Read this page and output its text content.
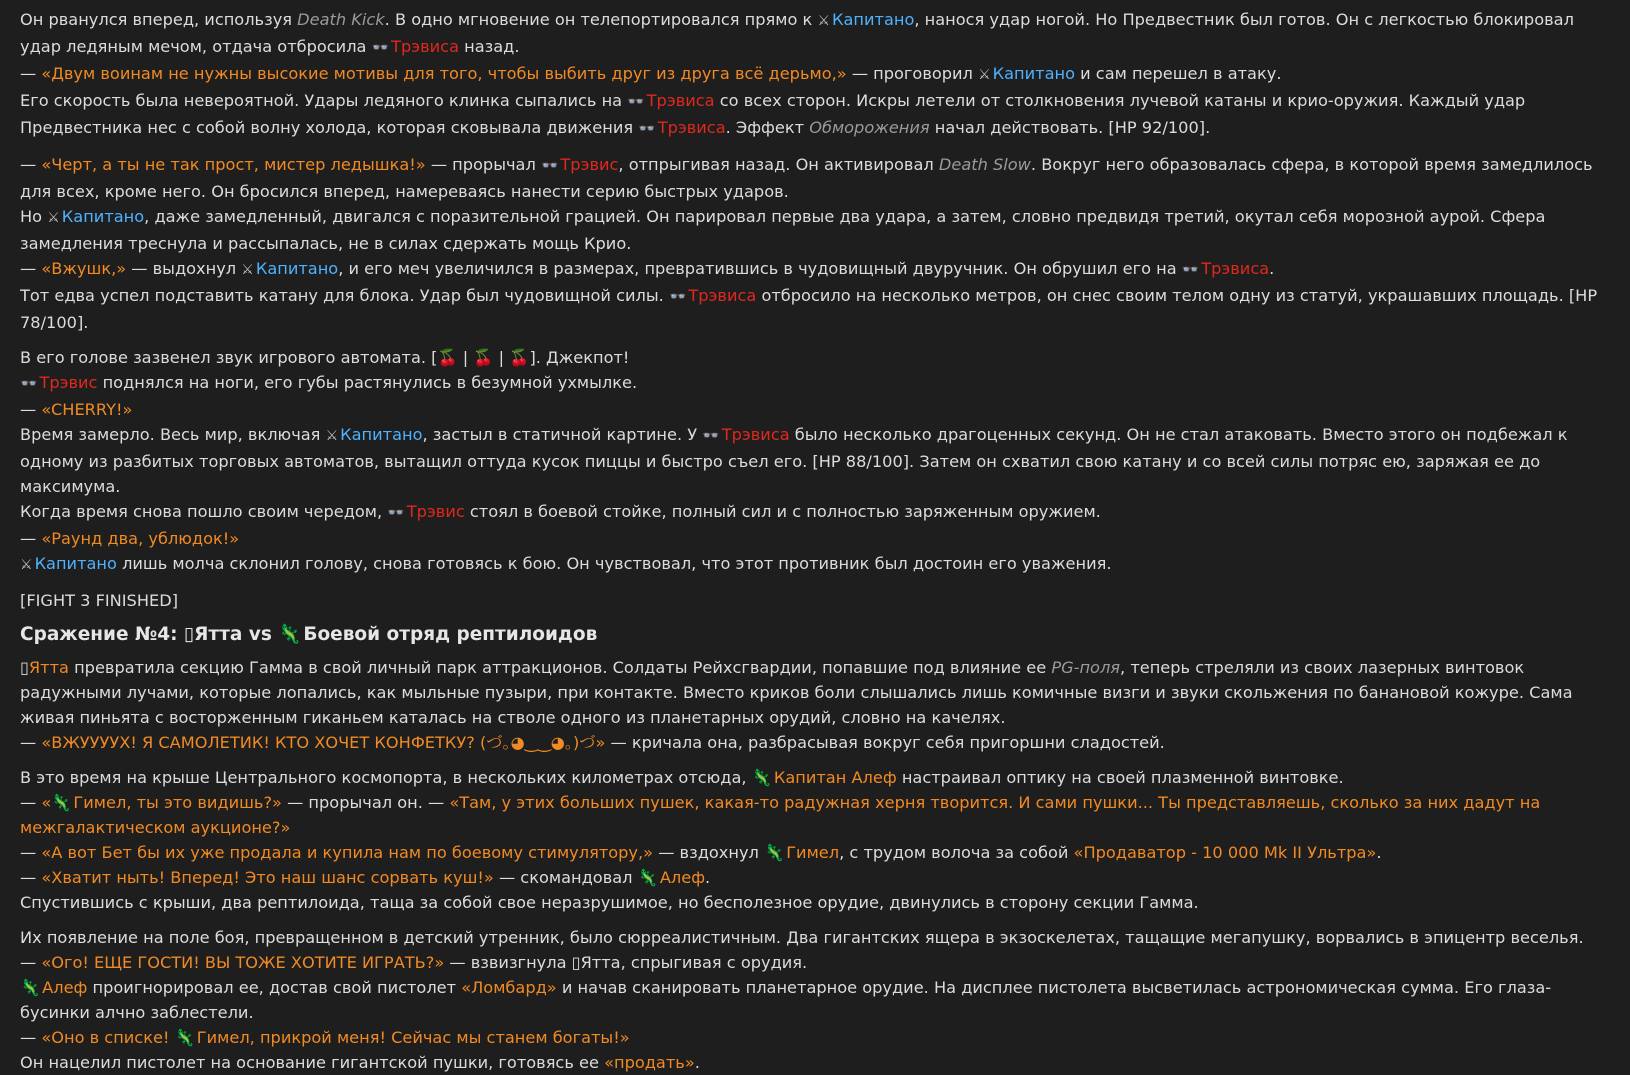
Он рванулся вперед, используя Death Kick. В одно мгновение он телепортировался прямо к ⚔ Капитано, нанося удар ногой. Но Предвестник был готов. Он с легкостью блокировал удар ледяным мечом, отдача отбросила 👓 Трэвиса назад.

— «Двум воинам не нужны высокие мотивы для того, чтобы выбить друг из друга всё дерьмо,» — проговорил ⚔ Капитано и сам перешел в атаку.

Его скорость была невероятной. Удары ледяного клинка сыпались на 👓 Трэвиса со всех сторон. Искры летели от столкновения лучевой катаны и крио-оружия. Каждый удар Предвестника нес с собой волну холода, которая сковывала движения 👓 Трэвиса. Эффект Обморожения начал действовать. [HP 92/100].

— «Черт, а ты не так прост, мистер ледышка!» — прорычал 👓 Трэвис, отпрыгивая назад. Он активировал Death Slow. Вокруг него образовалась сфера, в которой время замедлилось для всех, кроме него. Он бросился вперед, намереваясь нанести серию быстрых ударов.

Но ⚔ Капитано, даже замедленный, двигался с поразительной грацией. Он парировал первые два удара, а затем, словно предвидя третий, окутал себя морозной аурой. Сфера замедления треснула и рассыпалась, не в силах сдержать мощь Крио.

— «Вжушк,» — выдохнул ⚔ Капитано, и его меч увеличился в размерах, превратившись в чудовищный двуручник. Он обрушил его на 👓 Трэвиса.

Тот едва успел подставить катану для блока. Удар был чудовищной силы. 👓 Трэвиса отбросило на несколько метров, он снес своим телом одну из статуй, украшавших площадь. [HP 78/100].

В его голове зазвенел звук игрового автомата. [🍒 | 🍒 | 🍒]. Джекпот!

👓 Трэвис поднялся на ноги, его губы растянулись в безумной ухмылке.

— «CHERRY!»

Время замерло. Весь мир, включая ⚔ Капитано, застыл в статичной картине. У 👓 Трэвиса было несколько драгоценных секунд. Он не стал атаковать. Вместо этого он подбежал к одному из разбитых торговых автоматов, вытащил оттуда кусок пиццы и быстро съел его. [HP 88/100]. Затем он схватил свою катану и со всей силы потряс ею, заряжая ее до максимума.

Когда время снова пошло своим чередом, 👓 Трэвис стоял в боевой стойке, полный сил и с полностью заряженным оружием.

— «Раунд два, ублюдок!»

⚔ Капитано лишь молча склонил голову, снова готовясь к бою. Он чувствовал, что этот противник был достоин его уважения.

[FIGHT 3 FINISHED]

Сражение №4: ▯Ятта vs 🦎 Боевой отряд рептилоидов

▯Ятта превратила секцию Гамма в свой личный парк аттракционов. Солдаты Рейхсгвардии, попавшие под влияние ее PG-поля, теперь стреляли из своих лазерных винтовок радужными лучами, которые лопались, как мыльные пузыри, при контакте. Вместо криков боли слышались лишь комичные визги и звуки скольжения по банановой кожуре. Сама живая пиньята с восторженным гиканьем каталась на стволе одного из планетарных орудий, словно на качелях.

— «ВЖУУУУХ! Я САМОЛЕТИК! КТО ХОЧЕТ КОНФЕТКУ? (づ｡◕‿‿◕｡)づ» — кричала она, разбрасывая вокруг себя пригоршни сладостей.

В это время на крыше Центрального космопорта, в нескольких километрах отсюда, 🦎 Капитан Алеф настраивал оптику на своей плазменной винтовке.

— «🦎 Гимел, ты это видишь?» — прорычал он. — «Там, у этих больших пушек, какая-то радужная херня творится. И сами пушки... Ты представляешь, сколько за них дадут на межгалактическом аукционе?»

— «А вот Бет бы их уже продала и купила нам по боевому стимулятору,» — вздохнул 🦎 Гимел, с трудом волоча за собой «Продаватор - 10 000 Mk II Ультра».

— «Хватит ныть! Вперед! Это наш шанс сорвать куш!» — скомандовал 🦎 Алеф.

Спустившись с крыши, два рептилоида, таща за собой свое неразрушимое, но бесполезное орудие, двинулись в сторону секции Гамма.

Их появление на поле боя, превращенном в детский утренник, было сюрреалистичным. Два гигантских ящера в экзоскелетах, тащащие мегапушку, ворвались в эпицентр веселья.

— «Ого! ЕЩЕ ГОСТИ! ВЫ ТОЖЕ ХОТИТЕ ИГРАТЬ?» — взвизгнула ▯Ятта, спрыгивая с орудия.

🦎 Алеф проигнорировал ее, достав свой пистолет «Ломбард» и начав сканировать планетарное орудие. На дисплее пистолета высветилась астрономическая сумма. Его глаза-бусинки алчно заблестели.

— «Оно в списке! 🦎 Гимел, прикрой меня! Сейчас мы станем богаты!»

Он нацелил пистолет на основание гигантской пушки, готовясь ее «продать».
